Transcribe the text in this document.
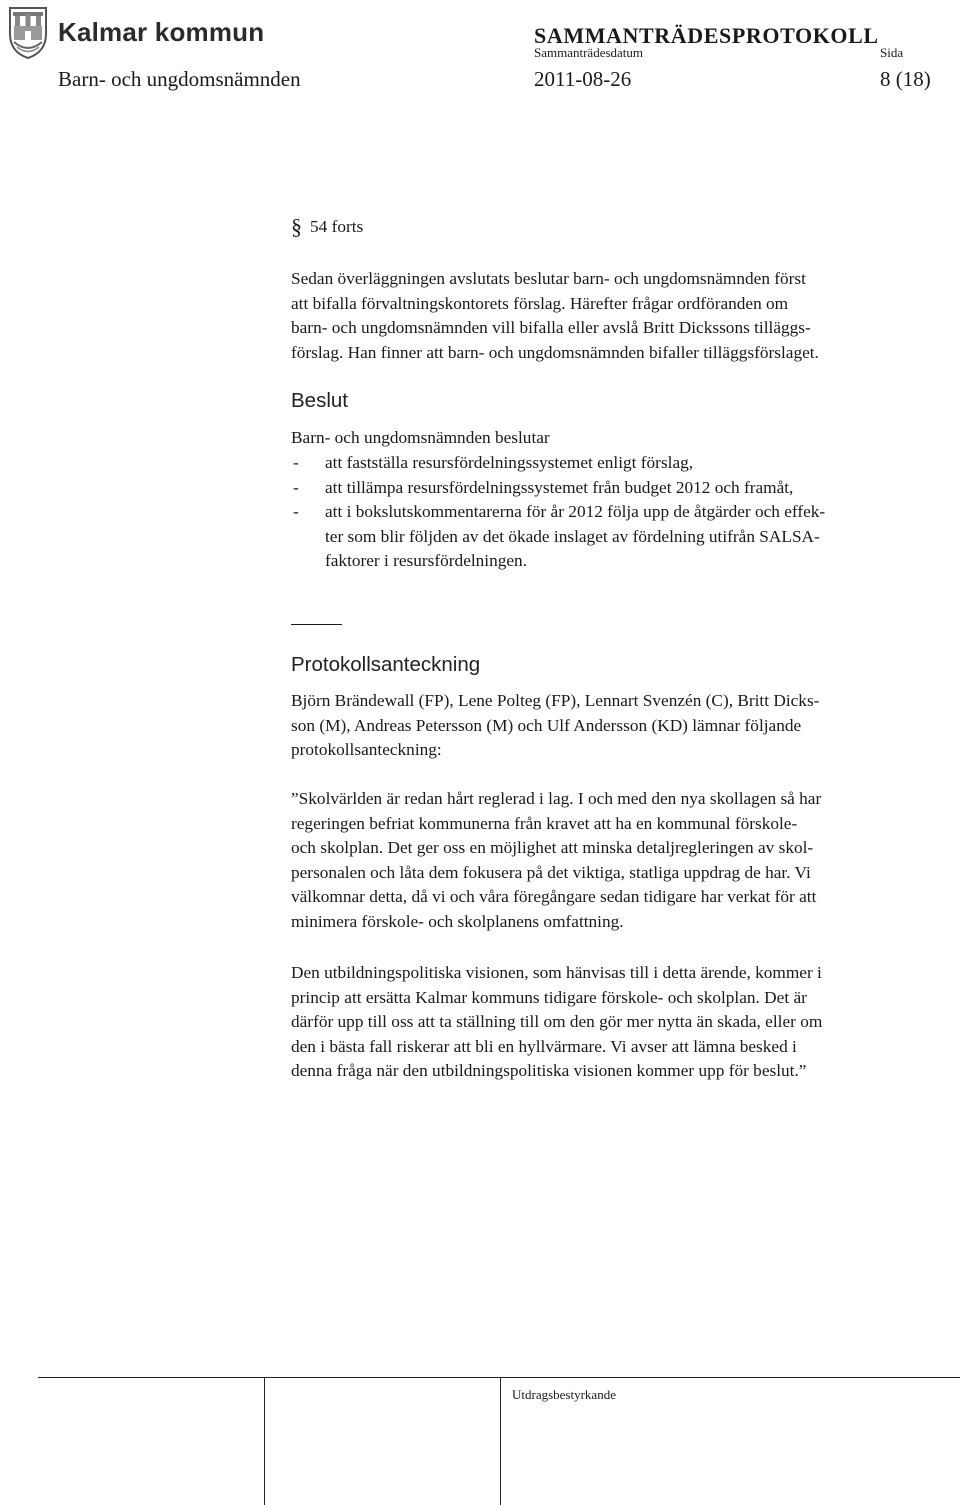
Kalmar kommun	SAMMANTRÄDESPROTOKOLL
Sammanträdesdatum	Sida
Barn- och ungdomsnämnden	2011-08-26	8 (18)
§ 54 forts
Sedan överläggningen avslutats beslutar barn- och ungdomsnämnden först
att bifalla förvaltningskontorets förslag. Härefter frågar ordföranden om
barn- och ungdomsnämnden vill bifalla eller avslå Britt Dickssons tilläggs-
förslag. Han finner att barn- och ungdomsnämnden bifaller tilläggsförslaget.
Beslut
Barn- och ungdomsnämnden beslutar
- att fastställa resursfördelningssystemet enligt förslag,
- att tillämpa resursfördelningssystemet från budget 2012 och framåt,
- att i bokslutskommentarerna för år 2012 följa upp de åtgärder och effek-
ter som blir följden av det ökade inslaget av fördelning utifrån SALSA-
faktorer i resursfördelningen.
Protokollsanteckning
Björn Brändewall (FP), Lene Polteg (FP), Lennart Svenzén (C), Britt Dicks-
son (M), Andreas Petersson (M) och Ulf Andersson (KD) lämnar följande
protokollsanteckning:
”Skolvärlden är redan hårt reglerad i lag. I och med den nya skollagen så har
regeringen befriat kommunerna från kravet att ha en kommunal förskole-
och skolplan. Det ger oss en möjlighet att minska detaljregleringen av skol-
personalen och låta dem fokusera på det viktiga, statliga uppdrag de har. Vi
välkomnar detta, då vi och våra föregångare sedan tidigare har verkat för att
minimera förskole- och skolplanens omfattning.
Den utbildningspolitiska visionen, som hänvisas till i detta ärende, kommer i
princip att ersätta Kalmar kommuns tidigare förskole- och skolplan. Det är
därför upp till oss att ta ställning till om den gör mer nytta än skada, eller om
den i bästa fall riskerar att bli en hyllvärmare. Vi avser att lämna besked i
denna fråga när den utbildningspolitiska visionen kommer upp för beslut.”
Utdragsbestyrkande
